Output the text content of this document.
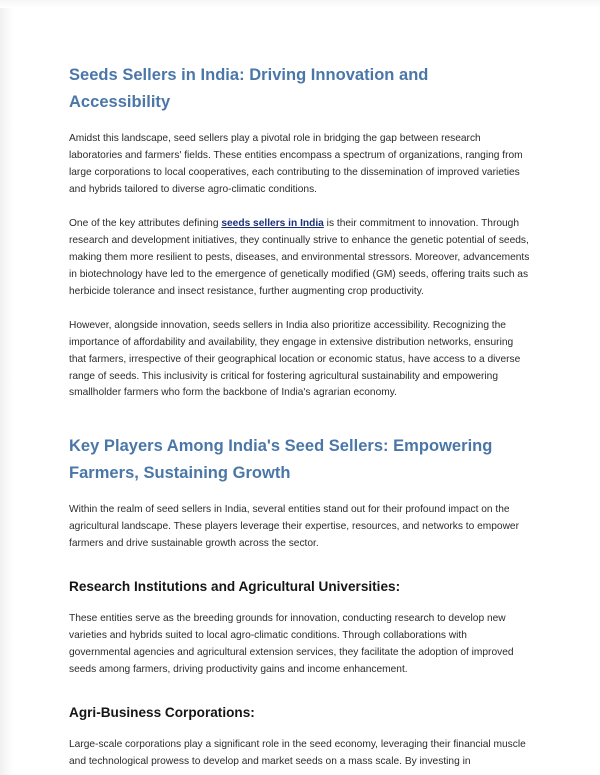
Seeds Sellers in India: Driving Innovation and Accessibility

Amidst this landscape, seed sellers play a pivotal role in bridging the gap between research laboratories and farmers' fields. These entities encompass a spectrum of organizations, ranging from large corporations to local cooperatives, each contributing to the dissemination of improved varieties and hybrids tailored to diverse agro-climatic conditions.

One of the key attributes defining seeds sellers in India is their commitment to innovation. Through research and development initiatives, they continually strive to enhance the genetic potential of seeds, making them more resilient to pests, diseases, and environmental stressors. Moreover, advancements in biotechnology have led to the emergence of genetically modified (GM) seeds, offering traits such as herbicide tolerance and insect resistance, further augmenting crop productivity.

However, alongside innovation, seeds sellers in India also prioritize accessibility. Recognizing the importance of affordability and availability, they engage in extensive distribution networks, ensuring that farmers, irrespective of their geographical location or economic status, have access to a diverse range of seeds. This inclusivity is critical for fostering agricultural sustainability and empowering smallholder farmers who form the backbone of India's agrarian economy.

Key Players Among India's Seed Sellers: Empowering Farmers, Sustaining Growth

Within the realm of seed sellers in India, several entities stand out for their profound impact on the agricultural landscape. These players leverage their expertise, resources, and networks to empower farmers and drive sustainable growth across the sector.

Research Institutions and Agricultural Universities:

These entities serve as the breeding grounds for innovation, conducting research to develop new varieties and hybrids suited to local agro-climatic conditions. Through collaborations with governmental agencies and agricultural extension services, they facilitate the adoption of improved seeds among farmers, driving productivity gains and income enhancement.

Agri-Business Corporations:

Large-scale corporations play a significant role in the seed economy, leveraging their financial muscle and technological prowess to develop and market seeds on a mass scale. By investing in
